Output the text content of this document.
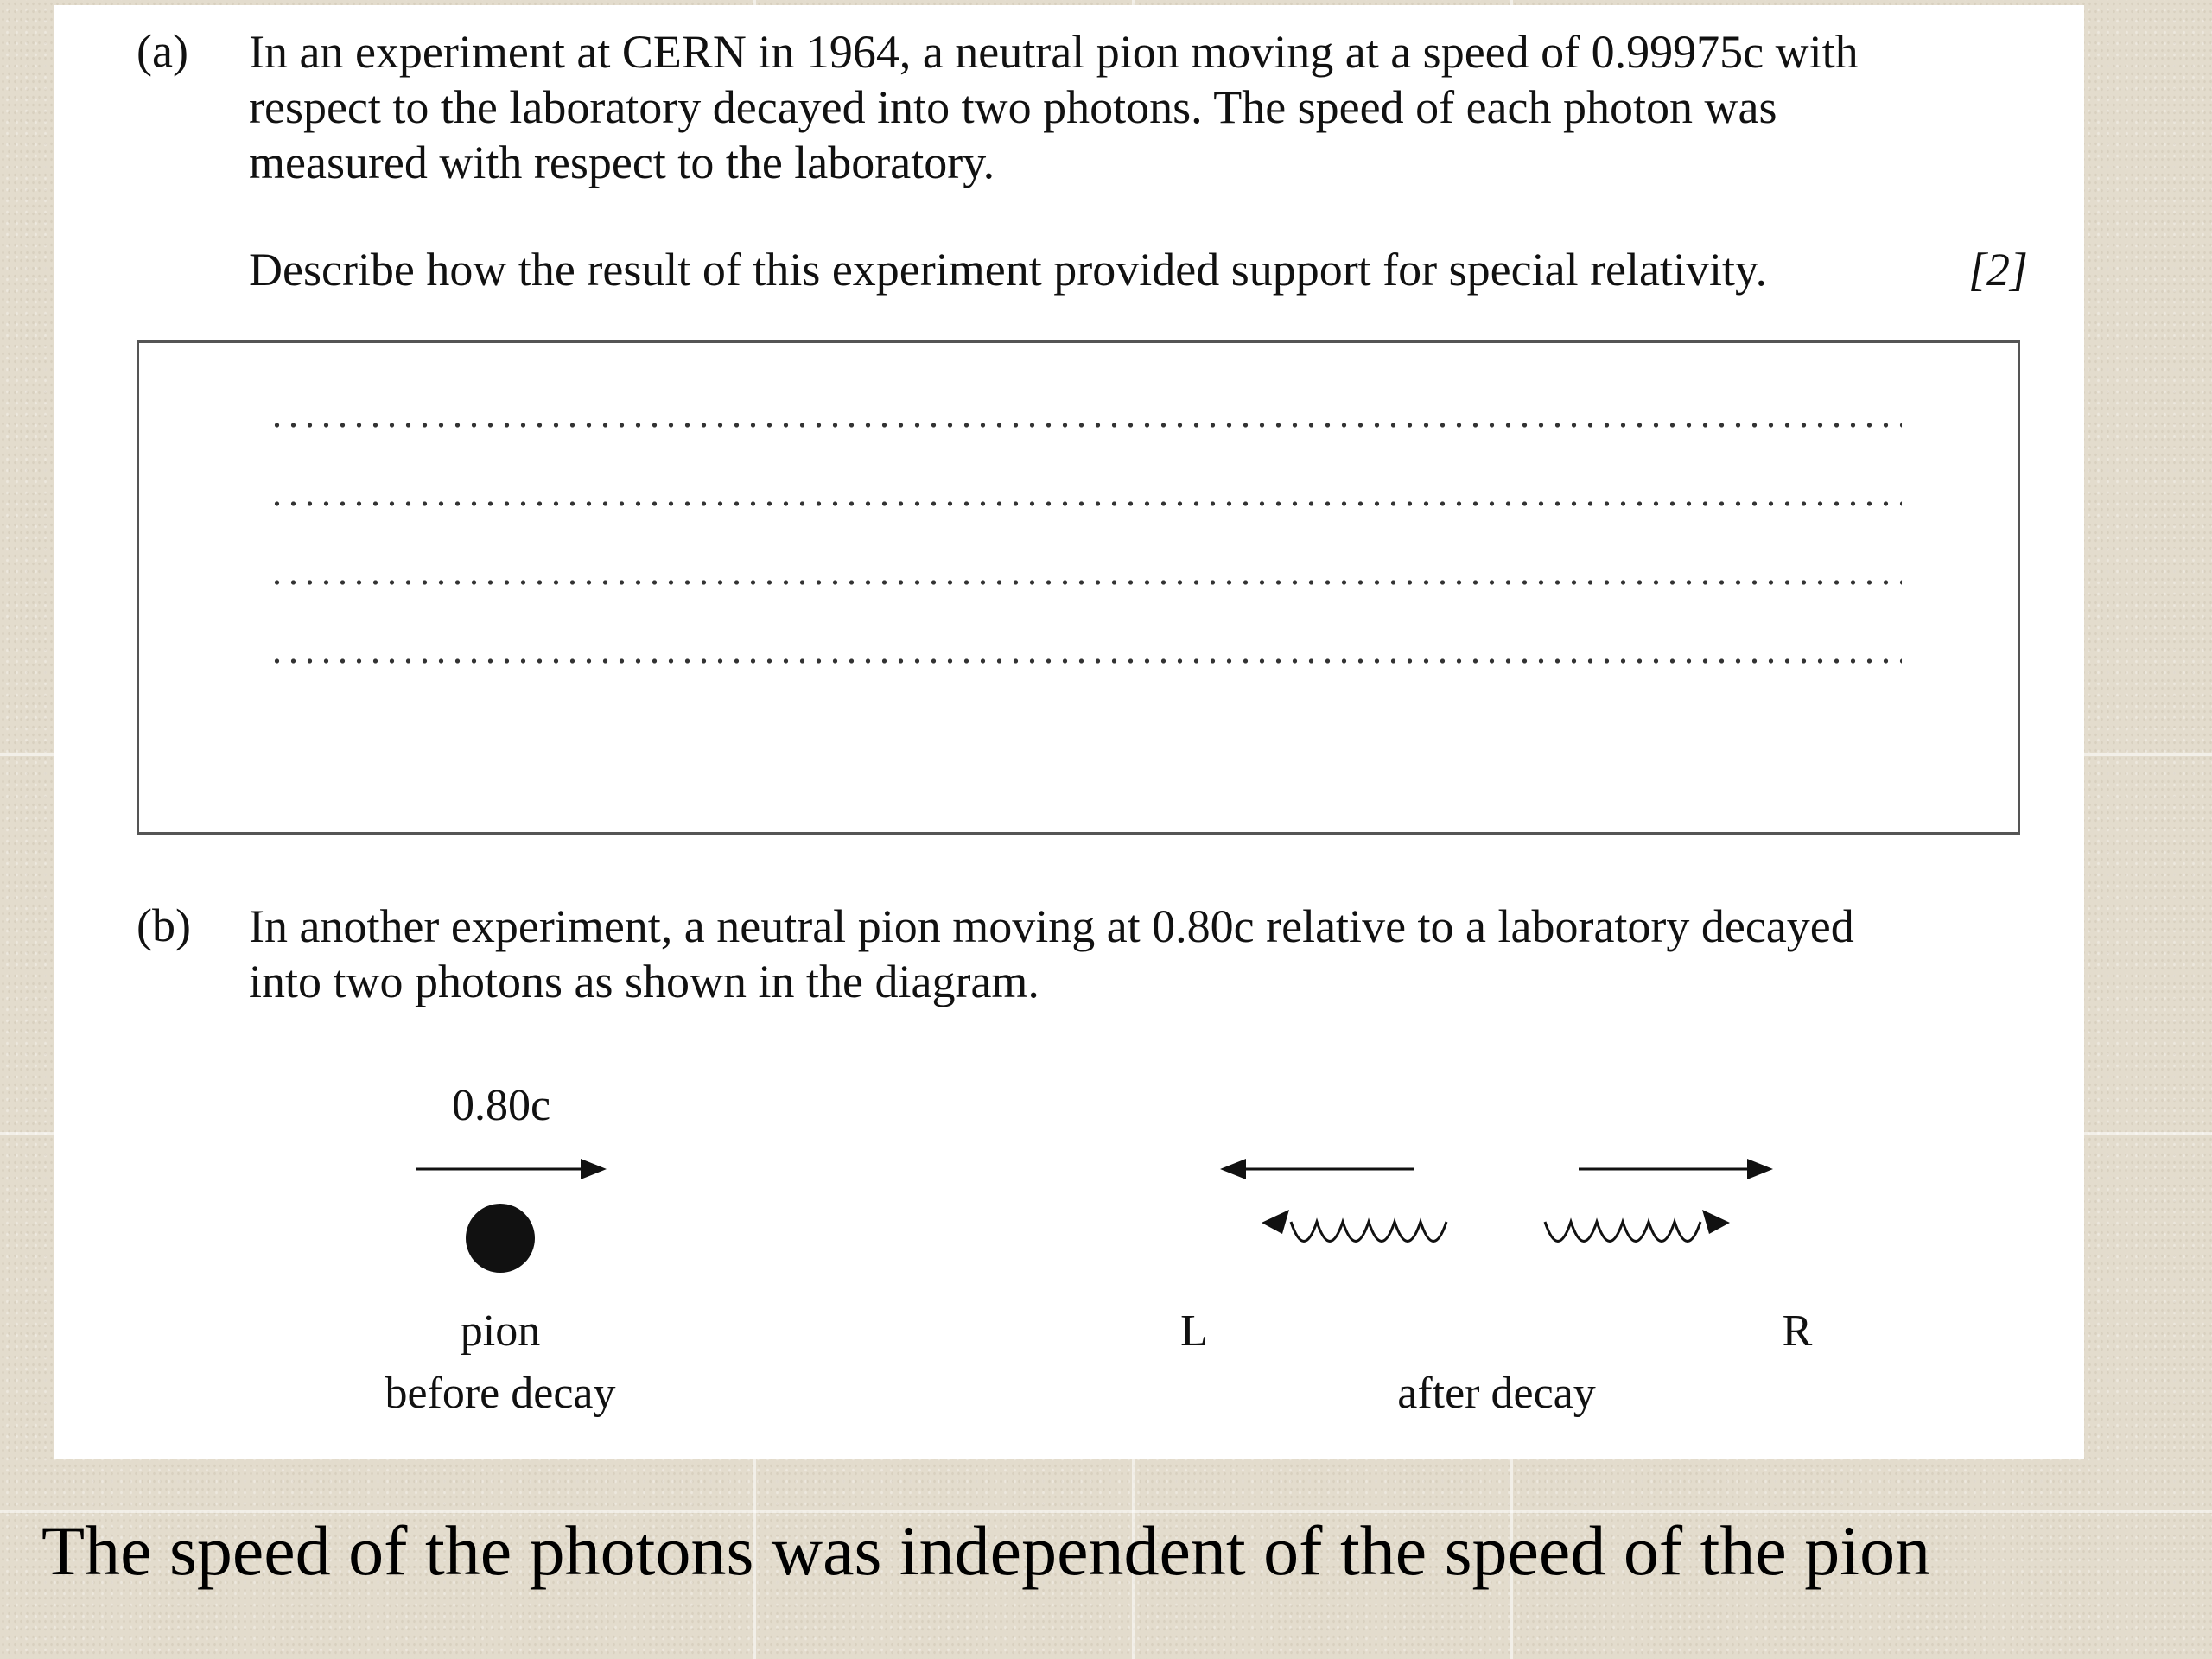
(a) In an experiment at CERN in 1964, a neutral pion moving at a speed of 0.99975c with
respect to the laboratory decayed into two photons. The speed of each photon was
measured with respect to the laboratory.
Describe how the result of this experiment provided support for special relativity.	[2]
(b) In another experiment, a neutral pion moving at 0.80c relative to a laboratory decayed
into two photons as shown in the diagram.
0.80c
pion
before decay
L	R
after decay
The speed of the photons was independent of the speed of the pion
